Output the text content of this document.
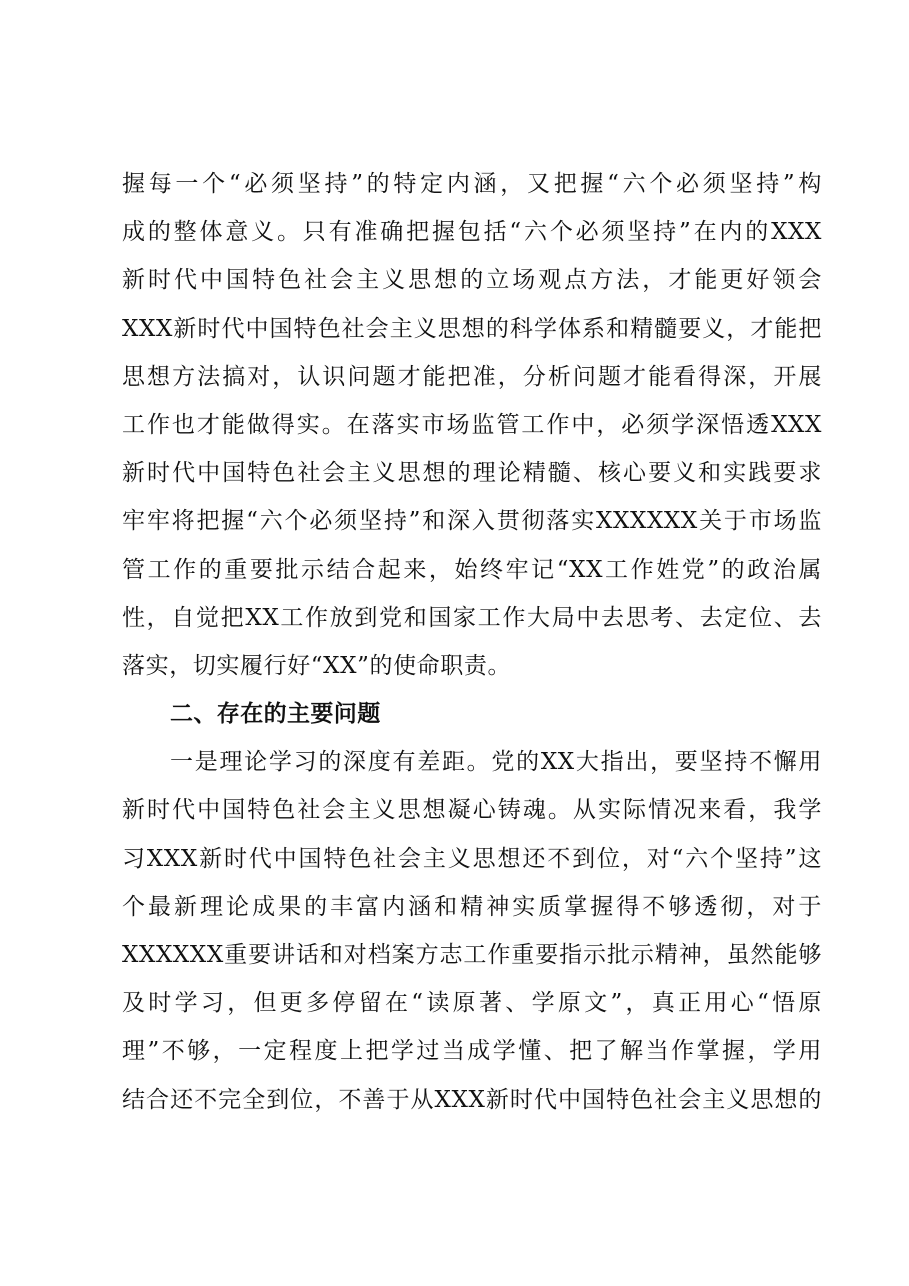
握每一个“必须坚持”的特定内涵，又把握“六个必须坚持”构
成的整体意义。只有准确把握包括“六个必须坚持”在内的XXX
新时代中国特色社会主义思想的立场观点方法，才能更好领会
XXX新时代中国特色社会主义思想的科学体系和精髓要义，才能把
思想方法搞对，认识问题才能把准，分析问题才能看得深，开展
工作也才能做得实。在落实市场监管工作中，必须学深悟透XXX
新时代中国特色社会主义思想的理论精髓、核心要义和实践要求
牢牢将把握“六个必须坚持”和深入贯彻落实XXXXXX关于市场监
管工作的重要批示结合起来，始终牢记“XX工作姓党”的政治属
性，自觉把XX工作放到党和国家工作大局中去思考、去定位、去
落实，切实履行好“XX”的使命职责。
二、存在的主要问题
一是理论学习的深度有差距。党的XX大指出，要坚持不懈用
新时代中国特色社会主义思想凝心铸魂。从实际情况来看，我学
习XXX新时代中国特色社会主义思想还不到位，对“六个坚持”这
个最新理论成果的丰富内涵和精神实质掌握得不够透彻，对于
XXXXXX重要讲话和对档案方志工作重要指示批示精神，虽然能够
及时学习，但更多停留在“读原著、学原文”，真正用心“悟原
理”不够，一定程度上把学过当成学懂、把了解当作掌握，学用
结合还不完全到位，不善于从XXX新时代中国特色社会主义思想的
